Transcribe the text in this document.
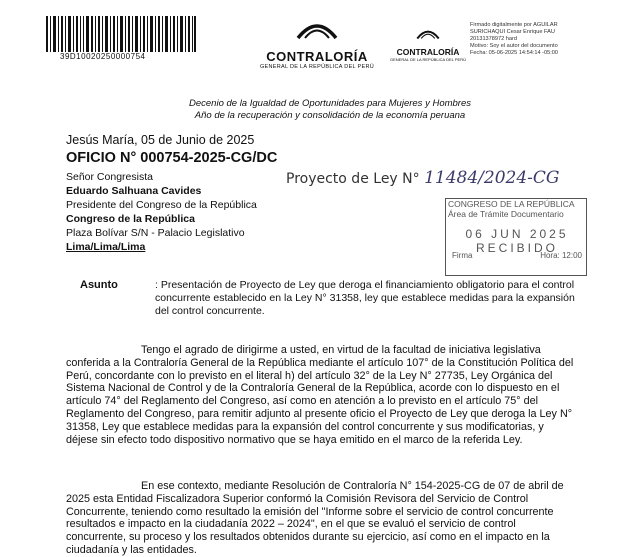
39D10020250000754	CONTRALORÍA
GENERAL DE LA REPÚBLICA DEL PERÚ
CONTRALORÍA
GENERAL DE LA REPÚBLICA DEL PERÚ
Firmado digitalmente por AGUILAR
SURICHAQUI Cesar Enrique FAU
20131378972 hard
Motivo: Soy el autor del documento
Fecha: 05-06-2025 14:54:14 -05:00
Decenio de la Igualdad de Oportunidades para Mujeres y Hombres
Año de la recuperación y consolidación de la economía peruana
Jesús María, 05 de Junio de 2025
OFICIO N° 000754-2025-CG/DC
Señor Congresista
Eduardo Salhuana Cavides
Presidente del Congreso de la República
Congreso de la República
Plaza Bolívar S/N - Palacio Legislativo
Lima/Lima/Lima
Proyecto de Ley N° 11484/2024-CG
CONGRESO DE LA REPÚBLICA
Área de Trámite Documentario
06 JUN 2025
RECIBIDO
Firma	Hora: 12:00
Asunto	: Presentación de Proyecto de Ley que deroga el financiamiento obligatorio para el control concurrente establecido en la Ley N° 31358, ley que establece medidas para la expansión del control concurrente.
Tengo el agrado de dirigirme a usted, en virtud de la facultad de iniciativa legislativa conferida a la Contraloría General de la República mediante el artículo 107° de la Constitución Política del Perú, concordante con lo previsto en el literal h) del artículo 32° de la Ley N° 27735, Ley Orgánica del Sistema Nacional de Control y de la Contraloría General de la República, acorde con lo dispuesto en el artículo 74° del Reglamento del Congreso, así como en atención a lo previsto en el artículo 75° del Reglamento del Congreso, para remitir adjunto al presente oficio el Proyecto de Ley que deroga la Ley N° 31358, Ley que establece medidas para la expansión del control concurrente y sus modificatorias, y déjese sin efecto todo dispositivo normativo que se haya emitido en el marco de la referida Ley.
En ese contexto, mediante Resolución de Contraloría N° 154-2025-CG de 07 de abril de 2025 esta Entidad Fiscalizadora Superior conformó la Comisión Revisora del Servicio de Control Concurrente, teniendo como resultado la emisión del "Informe sobre el servicio de control concurrente resultados e impacto en la ciudadanía 2022 – 2024", en el que se evaluó el servicio de control concurrente, su proceso y los resultados obtenidos durante su ejercicio, así como en el impacto en la ciudadanía y las entidades.
